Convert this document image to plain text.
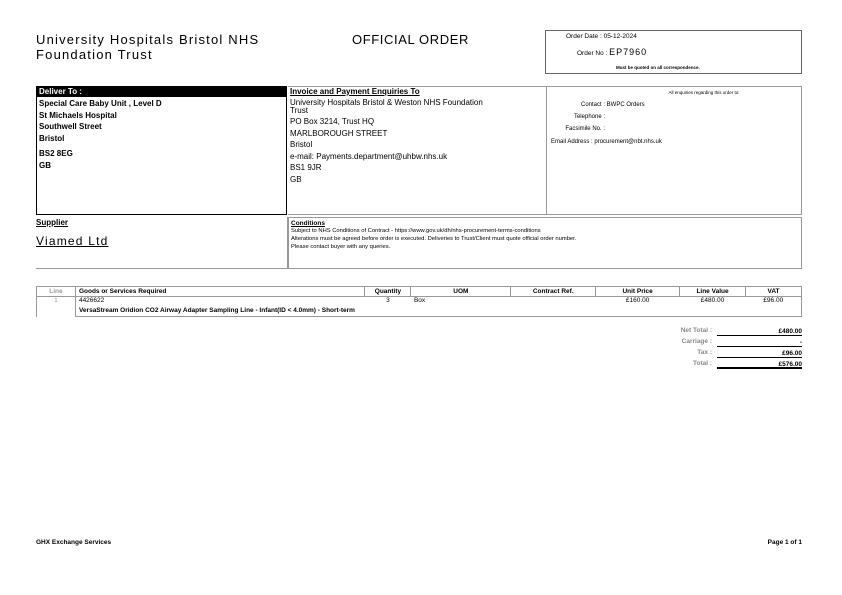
University Hospitals Bristol NHS
Foundation Trust
OFFICIAL ORDER	Order Date : 05-12-2024
Order No : EP7960
Must be quoted on all correspondence.
Deliver To :
Special Care Baby Unit , Level D
St Michaels Hospital
Southwell Street
Bristol
BS2 8EG
GB
Invoice and Payment Enquiries To
University Hospitals Bristol & Weston NHS Foundation
Trust
PO Box 3214, Trust HQ
MARLBOROUGH STREET
Bristol
e-mail: Payments.department@uhbw.nhs.uk
BS1 9JR
GB
All enquiries regarding this order to:
Contact : BWPC Orders
Telephone :
Facsimile No. :
Email Address : procurement@nbt.nhs.uk
Supplier
Viamed Ltd
Conditions
Subject to NHS Conditions of Contract - https://www.gov.uk/dh/nhs-procurement-terms-conditions
Alterations must be agreed before order is executed. Deliveries to Trust/Client must quote official order number.
Please contact buyer with any queries.
Line	Goods or Services Required	Quantity	UOM	Contract Ref.	Unit Price	Line Value	VAT
1	4426622	3	Box		£160.00	£480.00	£96.00
	VersaStream Oridion CO2 Airway Adapter Sampling Line - Infant(ID < 4.0mm) - Short-term						
Net Total :	£480.00
Carriage :	-
Tax :	£96.00
Total :	£576.00
GHX Exchange Services	Page 1 of 1
